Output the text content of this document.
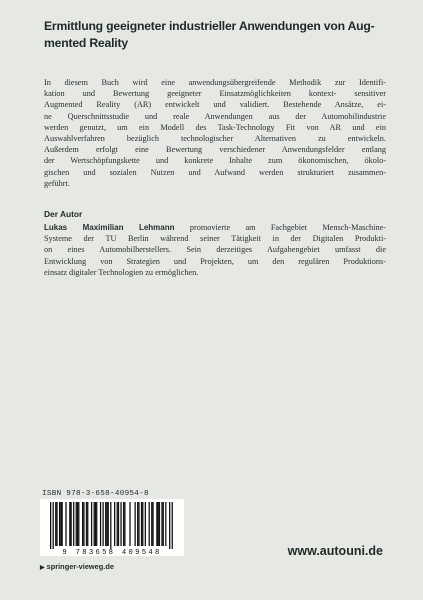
Ermittlung geeigneter industrieller Anwendungen von Aug-
mented Reality
In diesem Buch wird eine anwendungsübergreifende Methodik zur Identifi-
kation und Bewertung geeigneter Einsatzmöglichkeiten kontext- sensitiver
Augmented Reality (AR) entwickelt und validiert. Bestehende Ansätze, ei-
ne Querschnittsstudie und reale Anwendungen aus der Automobilindustrie
werden genutzt, um ein Modell des Task-Technology Fit von AR und ein
Auswahlverfahren bezüglich technologischer Alternativen zu entwickeln.
Außerdem erfolgt eine Bewertung verschiedener Anwendungsfelder entlang
der Wertschöpfungskette und konkrete Inhalte zum ökonomischen, ökolo-
gischen und sozialen Nutzen und Aufwand werden strukturiert zusammen-
geführt.
Der Autor
Lukas Maximilian Lehmann promovierte am Fachgebiet Mensch-Maschine-
Systeme der TU Berlin während seiner Tätigkeit in der Digitalen Produkti-
on eines Automobilherstellers. Sein derzeitiges Aufgabengebiet umfasst die
Entwicklung von Strategien und Projekten, um den regulären Produktions-
einsatz digitaler Technologien zu ermöglichen.
ISBN 978-3-658-40954-8
9 783658 409548	www.autouni.de
▶ springer-vieweg.de
